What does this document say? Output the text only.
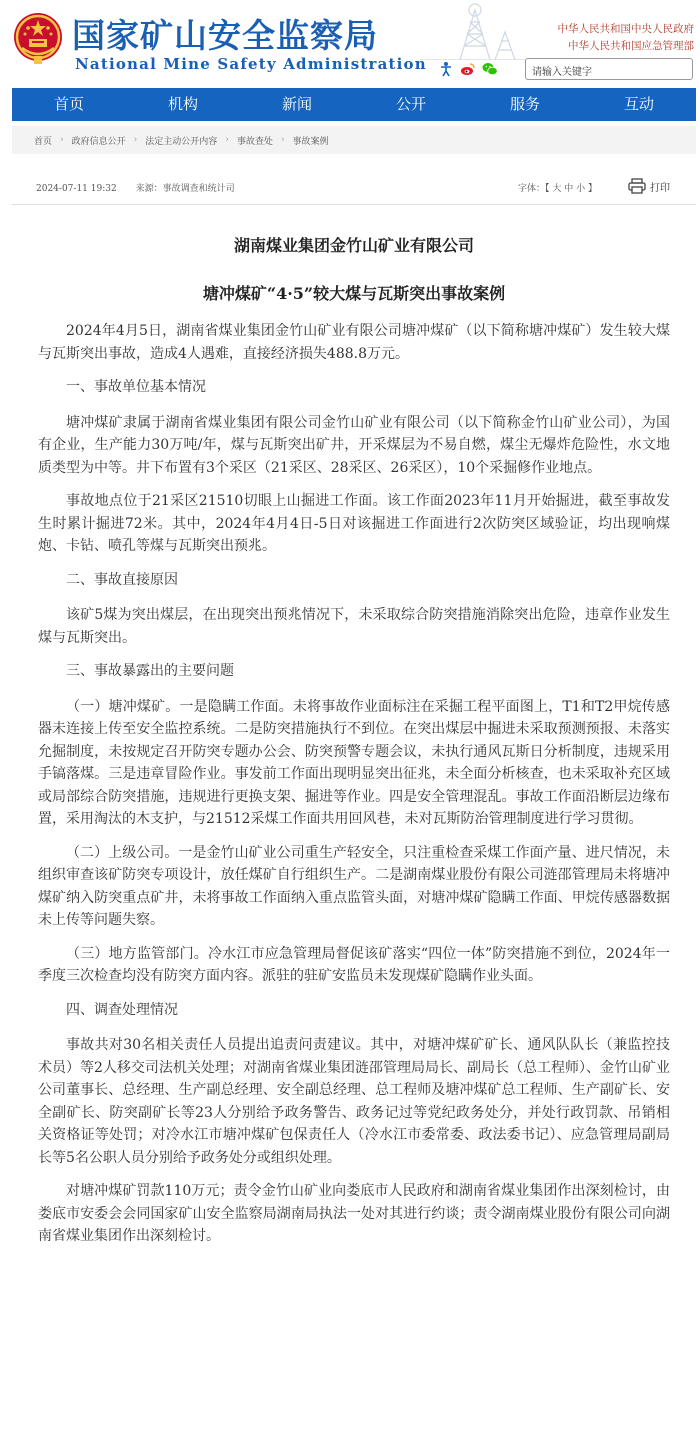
国家矿山安全监察局
National Mine Safety Administration
中华人民共和国中央人民政府
中华人民共和国应急管理部
请输入关键字
首页	机构	新闻	公开	服务	互动
首页 › 政府信息公开 › 法定主动公开内容 › 事故查处 › 事故案例
2024-07-11 19:32 来源：事故调查和统计司	字体：【 大 中 小 】	打印
湖南煤业集团金竹山矿业有限公司
塘冲煤矿“4·5”较大煤与瓦斯突出事故案例

2024年4月5日，湖南省煤业集团金竹山矿业有限公司塘冲煤矿（以下简称塘冲煤矿）发生较大煤与瓦斯突出事故，造成4人遇难，直接经济损失488.8万元。

一、事故单位基本情况

塘冲煤矿隶属于湖南省煤业集团有限公司金竹山矿业有限公司（以下简称金竹山矿业公司），为国有企业，生产能力30万吨/年，煤与瓦斯突出矿井，开采煤层为不易自燃，煤尘无爆炸危险性，水文地质类型为中等。井下布置有3个采区（21采区、28采区、26采区），10个采掘修作业地点。

事故地点位于21采区21510切眼上山掘进工作面。该工作面2023年11月开始掘进，截至事故发生时累计掘进72米。其中，2024年4月4日-5日对该掘进工作面进行2次防突区域验证，均出现响煤炮、卡钻、喷孔等煤与瓦斯突出预兆。

二、事故直接原因

该矿5煤为突出煤层，在出现突出预兆情况下，未采取综合防突措施消除突出危险，违章作业发生煤与瓦斯突出。

三、事故暴露出的主要问题

（一）塘冲煤矿。一是隐瞒工作面。未将事故作业面标注在采掘工程平面图上，T1和T2甲烷传感器未连接上传至安全监控系统。二是防突措施执行不到位。在突出煤层中掘进未采取预测预报、未落实允掘制度，未按规定召开防突专题办公会、防突预警专题会议，未执行通风瓦斯日分析制度，违规采用手镐落煤。三是违章冒险作业。事发前工作面出现明显突出征兆，未全面分析核查，也未采取补充区域或局部综合防突措施，违规进行更换支架、掘进等作业。四是安全管理混乱。事故工作面沿断层边缘布置，采用淘汰的木支护，与21512采煤工作面共用回风巷，未对瓦斯防治管理制度进行学习贯彻。

（二）上级公司。一是金竹山矿业公司重生产轻安全，只注重检查采煤工作面产量、进尺情况，未组织审查该矿防突专项设计，放任煤矿自行组织生产。二是湖南煤业股份有限公司涟邵管理局未将塘冲煤矿纳入防突重点矿井，未将事故工作面纳入重点监管头面，对塘冲煤矿隐瞒工作面、甲烷传感器数据未上传等问题失察。

（三）地方监管部门。冷水江市应急管理局督促该矿落实“四位一体”防突措施不到位，2024年一季度三次检查均没有防突方面内容。派驻的驻矿安监员未发现煤矿隐瞒作业头面。

四、调查处理情况

事故共对30名相关责任人员提出追责问责建议。其中，对塘冲煤矿矿长、通风队队长（兼监控技术员）等2人移交司法机关处理；对湖南省煤业集团涟邵管理局局长、副局长（总工程师）、金竹山矿业公司董事长、总经理、生产副总经理、安全副总经理、总工程师及塘冲煤矿总工程师、生产副矿长、安全副矿长、防突副矿长等23人分别给予政务警告、政务记过等党纪政务处分，并处行政罚款、吊销相关资格证等处罚；对冷水江市塘冲煤矿包保责任人（冷水江市委常委、政法委书记）、应急管理局副局长等5名公职人员分别给予政务处分或组织处理。

对塘冲煤矿罚款110万元；责令金竹山矿业向娄底市人民政府和湖南省煤业集团作出深刻检讨，由娄底市安委会会同国家矿山安全监察局湖南局执法一处对其进行约谈；责令湖南煤业股份有限公司向湖南省煤业集团作出深刻检讨。
